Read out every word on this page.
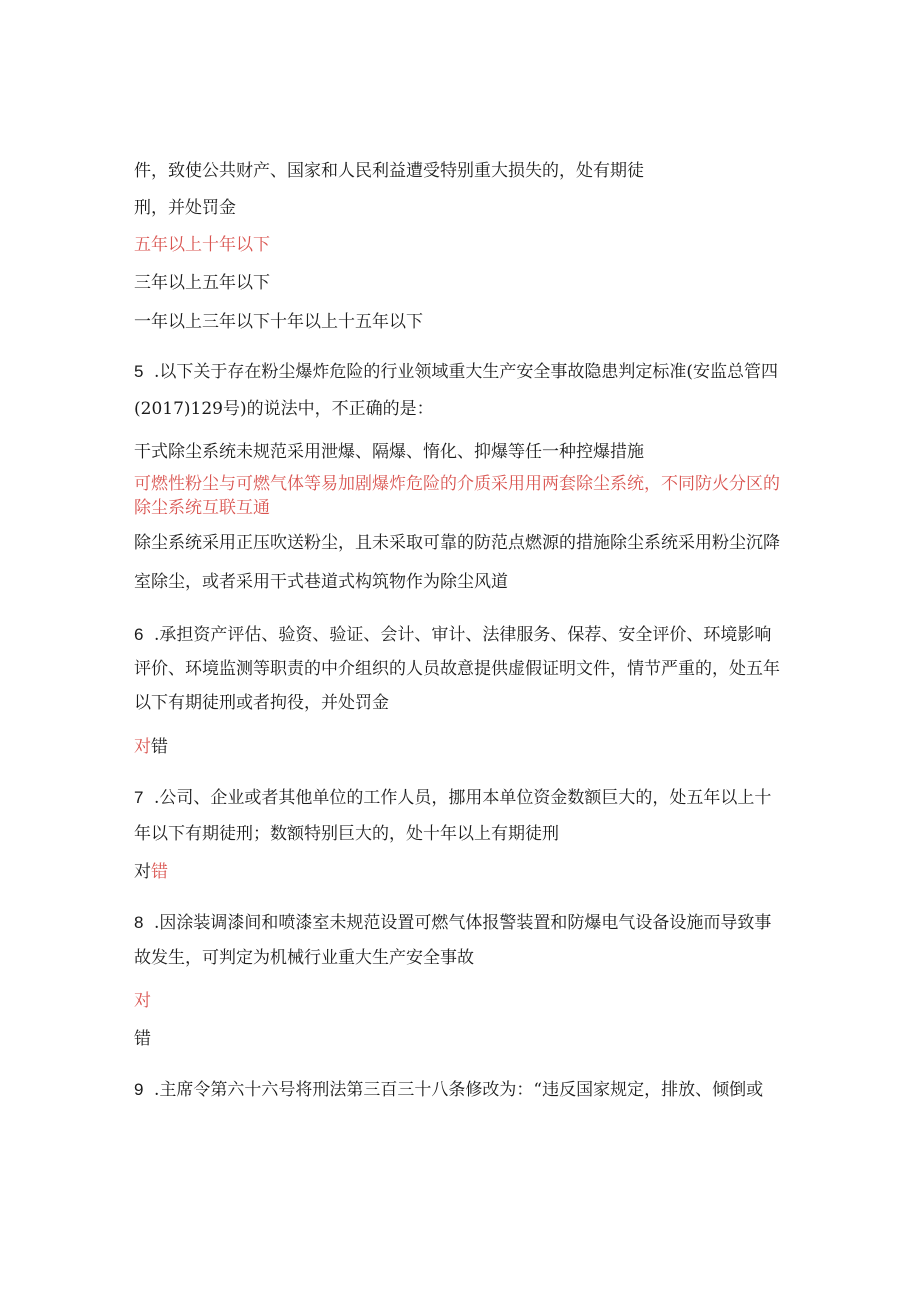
件，致使公共财产、国家和人民利益遭受特别重大损失的，处有期徒
刑，并处罚金
五年以上十年以下
三年以上五年以下
一年以上三年以下十年以上十五年以下
5 .以下关于存在粉尘爆炸危险的行业领域重大生产安全事故隐患判定标准(安监总管四
(2017)129号)的说法中，不正确的是：
干式除尘系统未规范采用泄爆、隔爆、惰化、抑爆等任一种控爆措施
可燃性粉尘与可燃气体等易加剧爆炸危险的介质采用用两套除尘系统，不同防火分区的
除尘系统互联互通
除尘系统采用正压吹送粉尘，且未采取可靠的防范点燃源的措施除尘系统采用粉尘沉降
室除尘，或者采用干式巷道式构筑物作为除尘风道
6 .承担资产评估、验资、验证、会计、审计、法律服务、保荐、安全评价、环境影响
评价、环境监测等职责的中介组织的人员故意提供虚假证明文件，情节严重的，处五年
以下有期徒刑或者拘役，并处罚金
对错
7 .公司、企业或者其他单位的工作人员，挪用本单位资金数额巨大的，处五年以上十
年以下有期徒刑；数额特别巨大的，处十年以上有期徒刑
对错
8 .因涂装调漆间和喷漆室未规范设置可燃气体报警装置和防爆电气设备设施而导致事
故发生，可判定为机械行业重大生产安全事故
对
错
9 .主席令第六十六号将刑法第三百三十八条修改为：“违反国家规定，排放、倾倒或
